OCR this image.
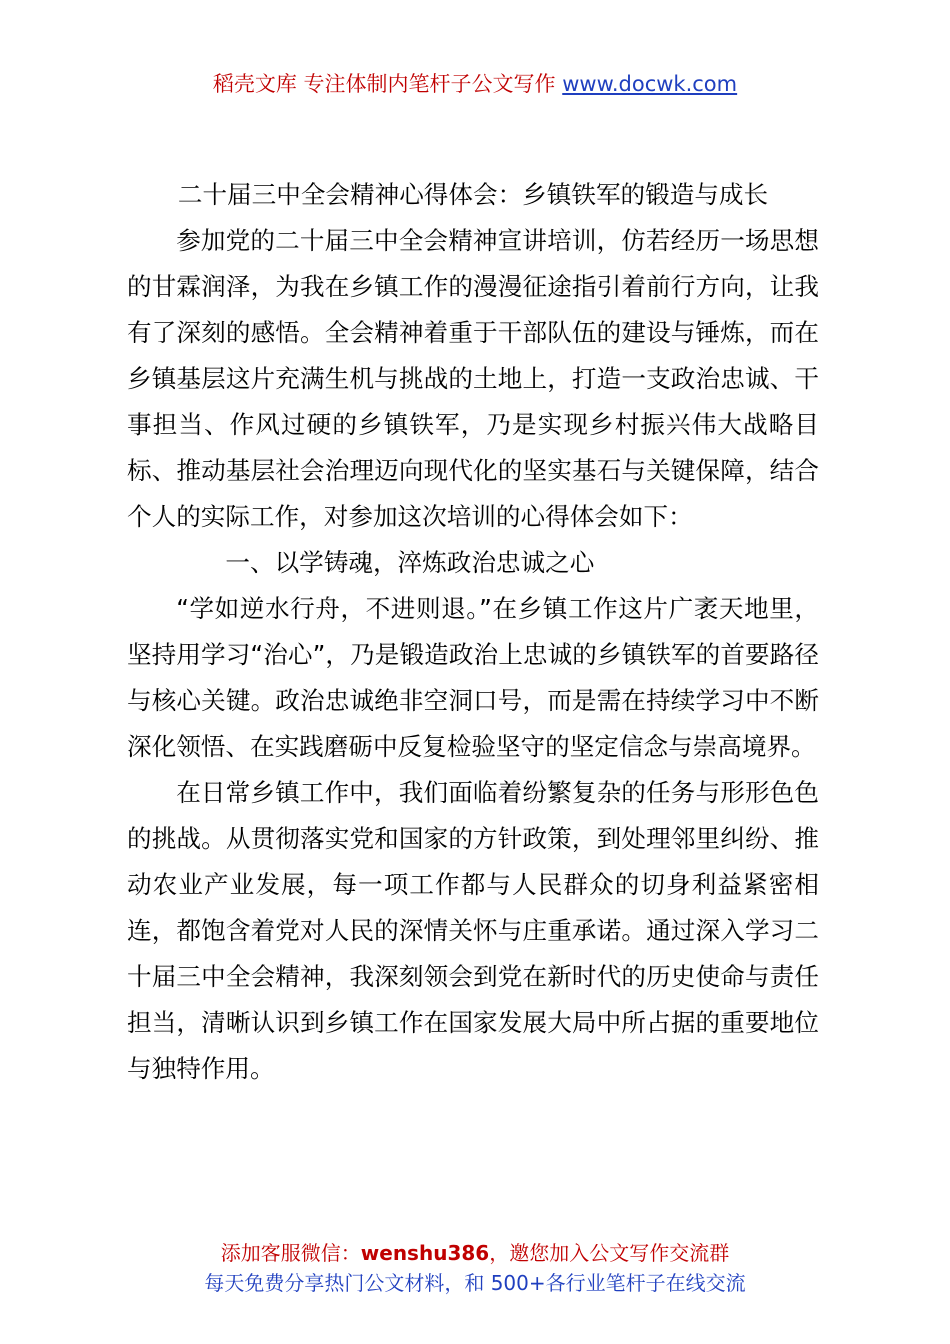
稻壳文库 专注体制内笔杆子公文写作 www.docwk.com

二十届三中全会精神心得体会：乡镇铁军的锻造与成长

参加党的二十届三中全会精神宣讲培训，仿若经历一场思想的甘霖润泽，为我在乡镇工作的漫漫征途指引着前行方向，让我有了深刻的感悟。全会精神着重于干部队伍的建设与锤炼，而在乡镇基层这片充满生机与挑战的土地上，打造一支政治忠诚、干事担当、作风过硬的乡镇铁军，乃是实现乡村振兴伟大战略目标、推动基层社会治理迈向现代化的坚实基石与关键保障，结合个人的实际工作，对参加这次培训的心得体会如下：

一、以学铸魂，淬炼政治忠诚之心

“学如逆水行舟，不进则退。”在乡镇工作这片广袤天地里，坚持用学习“治心”，乃是锻造政治上忠诚的乡镇铁军的首要路径与核心关键。政治忠诚绝非空洞口号，而是需在持续学习中不断深化领悟、在实践磨砺中反复检验坚守的坚定信念与崇高境界。

在日常乡镇工作中，我们面临着纷繁复杂的任务与形形色色的挑战。从贯彻落实党和国家的方针政策，到处理邻里纠纷、推动农业产业发展，每一项工作都与人民群众的切身利益紧密相连，都饱含着党对人民的深情关怀与庄重承诺。通过深入学习二十届三中全会精神，我深刻领会到党在新时代的历史使命与责任担当，清晰认识到乡镇工作在国家发展大局中所占据的重要地位与独特作用。

添加客服微信：wenshu386，邀您加入公文写作交流群
每天免费分享热门公文材料，和 500+各行业笔杆子在线交流
